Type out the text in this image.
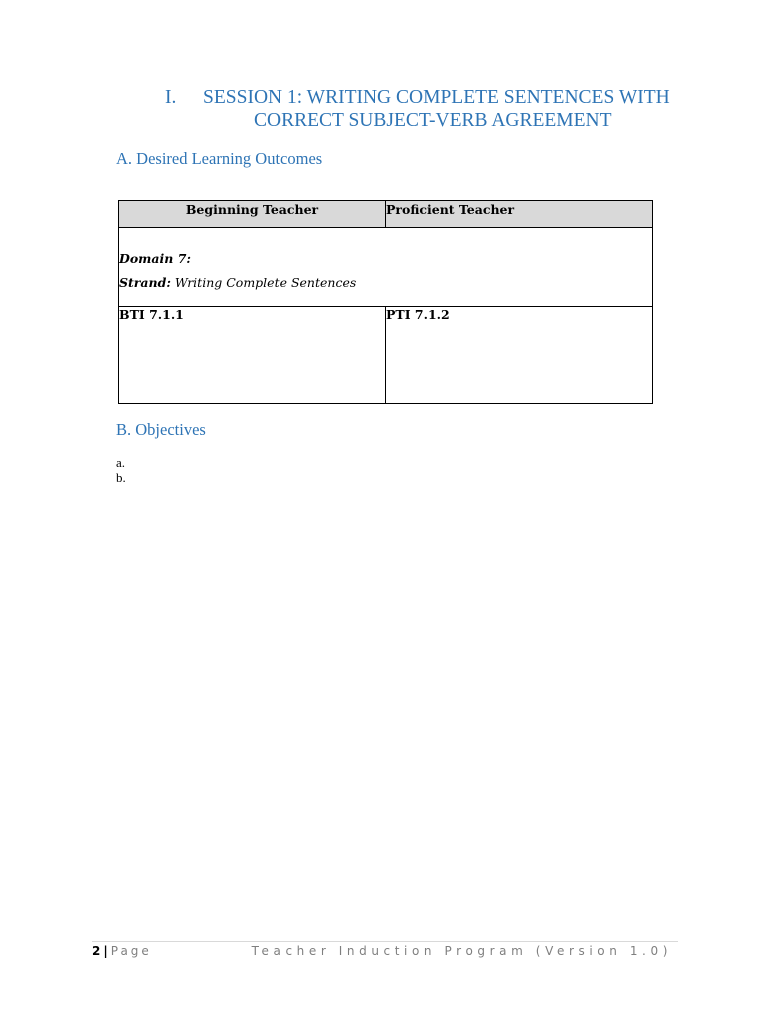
I.	SESSION 1: WRITING COMPLETE SENTENCES WITH
CORRECT SUBJECT-VERB AGREEMENT
A. Desired Learning Outcomes
Beginning Teacher	Proficient Teacher

Domain 7:

Strand: Writing Complete Sentences	

BTI 7.1.1	PTI 7.1.2
B. Objectives
a.
b.
2 | Page	Teacher Induction Program (Version 1.0)
